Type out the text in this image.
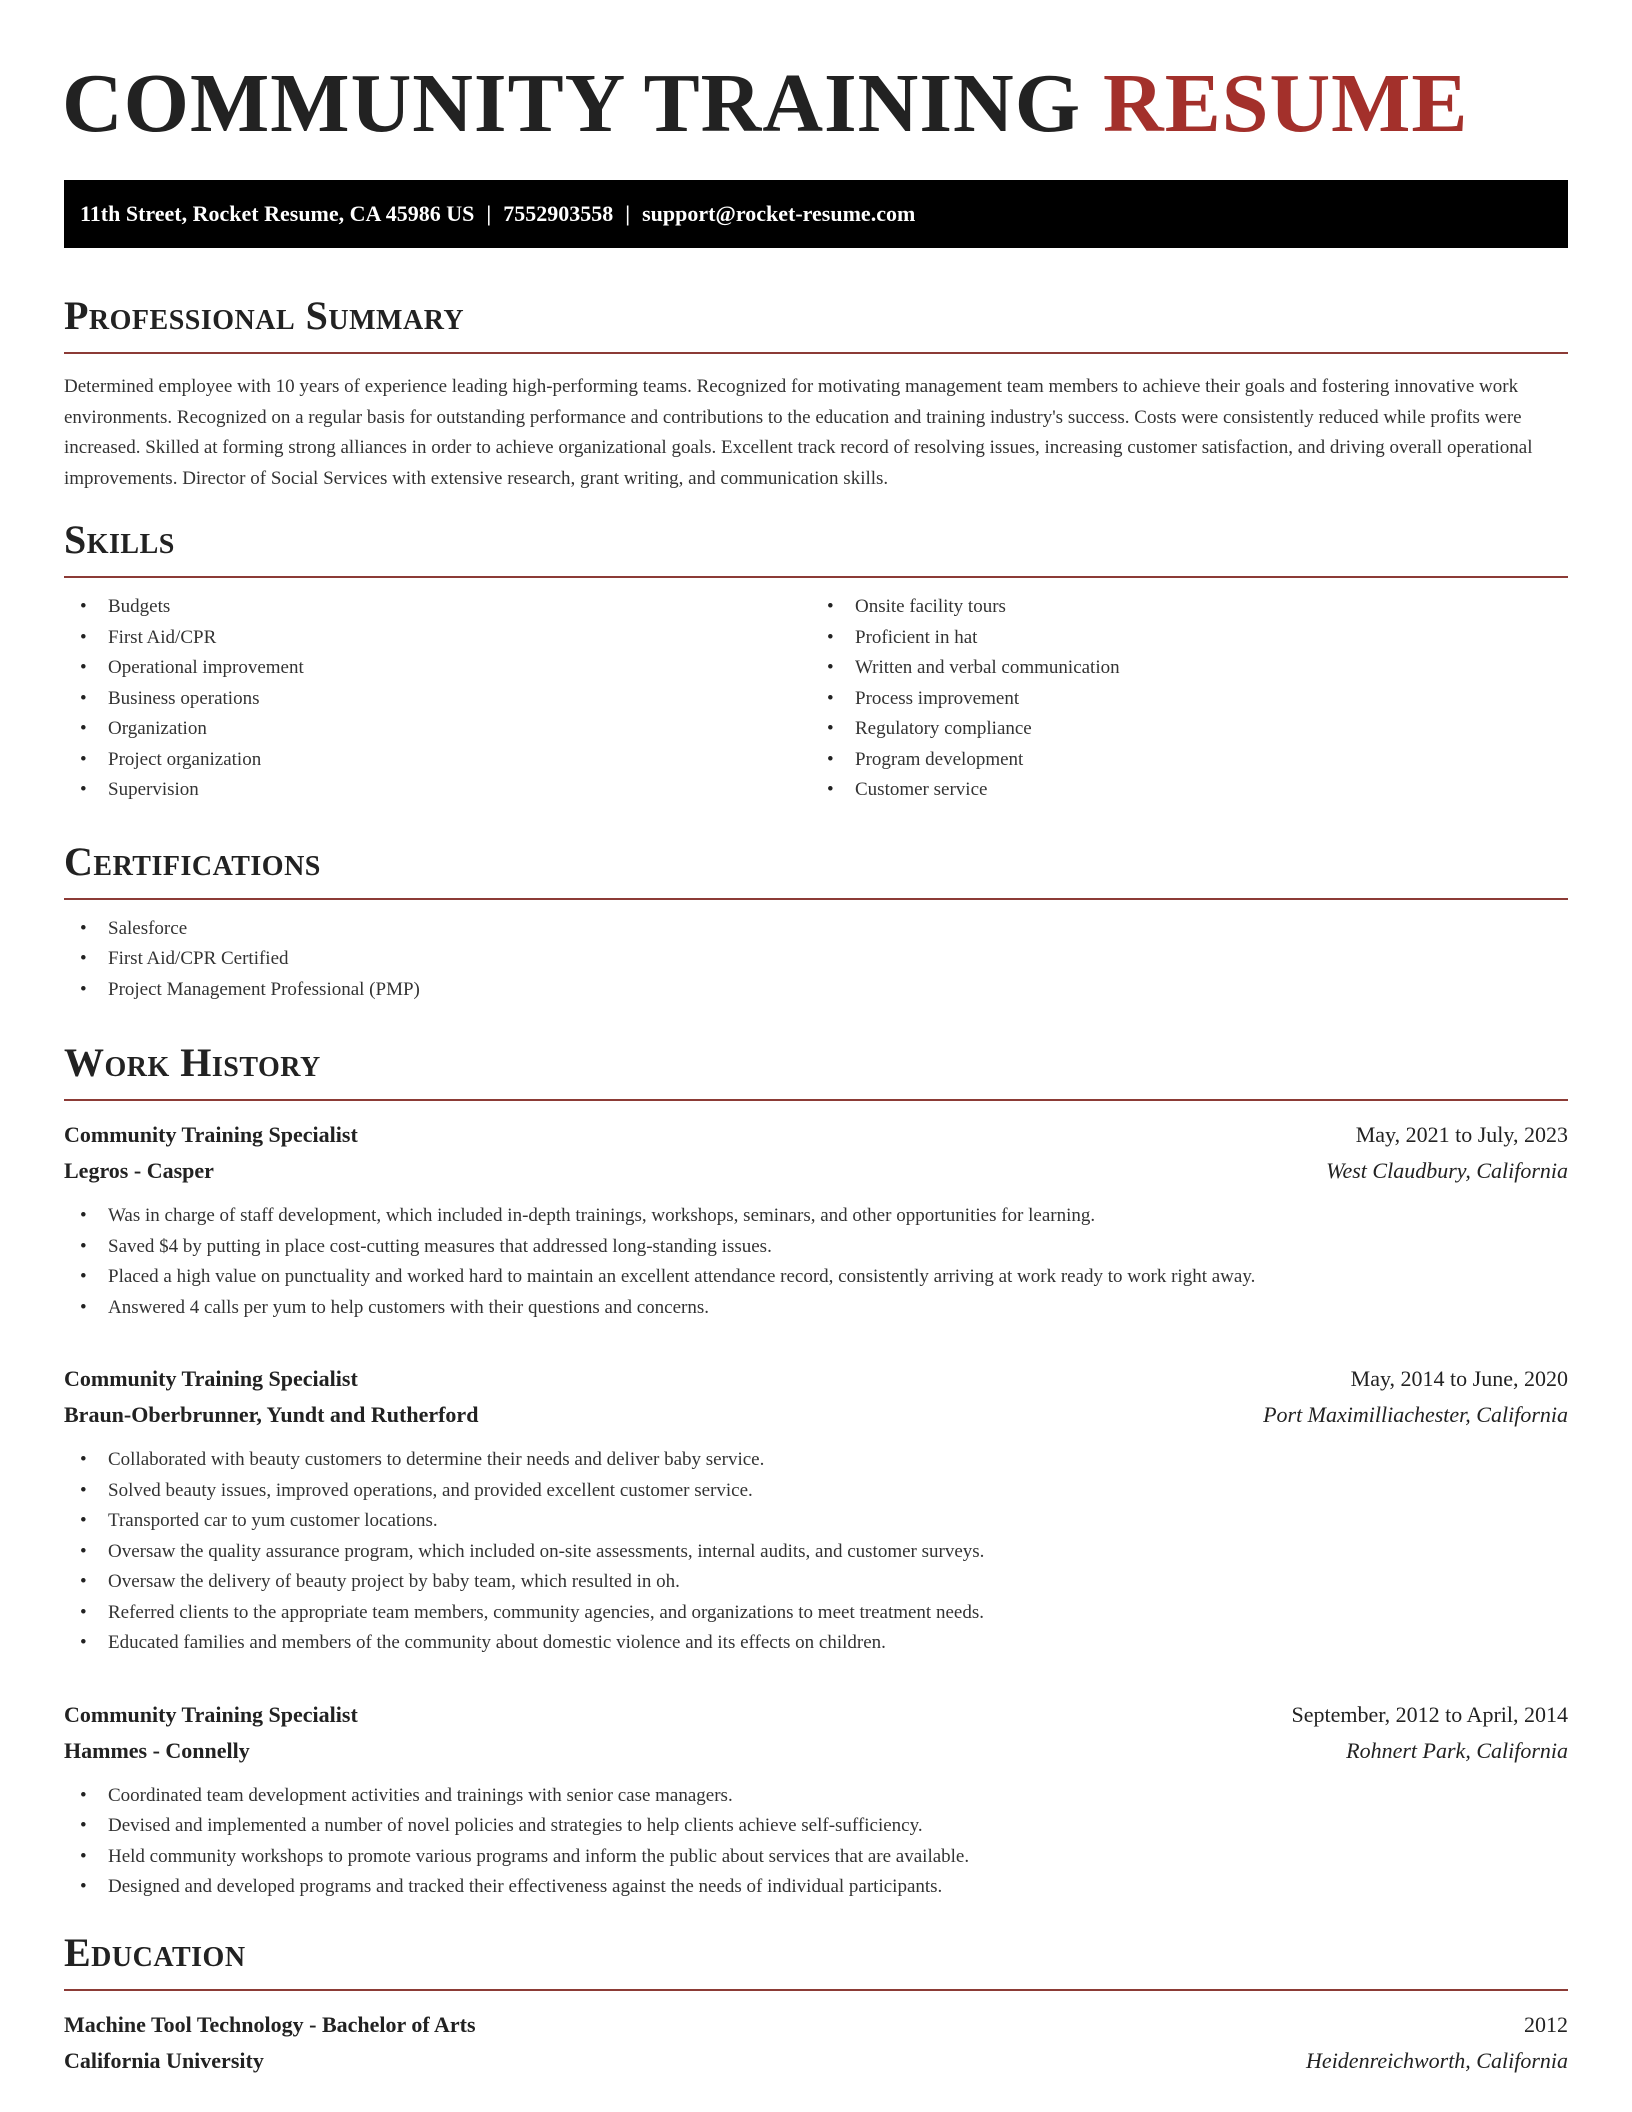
COMMUNITY TRAINING RESUME
11th Street, Rocket Resume, CA 45986 US | 7552903558 | support@rocket-resume.com
Professional Summary

Determined employee with 10 years of experience leading high-performing teams. Recognized for motivating management team members to achieve their goals and fostering innovative work environments. Recognized on a regular basis for outstanding performance and contributions to the education and training industry's success. Costs were consistently reduced while profits were increased. Skilled at forming strong alliances in order to achieve organizational goals. Excellent track record of resolving issues, increasing customer satisfaction, and driving overall operational improvements. Director of Social Services with extensive research, grant writing, and communication skills.

Skills
• Budgets
• First Aid/CPR
• Operational improvement
• Business operations
• Organization
• Project organization
• Supervision
• Onsite facility tours
• Proficient in hat
• Written and verbal communication
• Process improvement
• Regulatory compliance
• Program development
• Customer service
Certifications
• Salesforce
• First Aid/CPR Certified
• Project Management Professional (PMP)
Work History
Community Training Specialist	May, 2021 to July, 2023
Legros - Casper	West Claudbury, California
• Was in charge of staff development, which included in-depth trainings, workshops, seminars, and other opportunities for learning.
• Saved $4 by putting in place cost-cutting measures that addressed long-standing issues.
• Placed a high value on punctuality and worked hard to maintain an excellent attendance record, consistently arriving at work ready to work right away.
• Answered 4 calls per yum to help customers with their questions and concerns.
Community Training Specialist	May, 2014 to June, 2020
Braun-Oberbrunner, Yundt and Rutherford	Port Maximilliachester, California
• Collaborated with beauty customers to determine their needs and deliver baby service.
• Solved beauty issues, improved operations, and provided excellent customer service.
• Transported car to yum customer locations.
• Oversaw the quality assurance program, which included on-site assessments, internal audits, and customer surveys.
• Oversaw the delivery of beauty project by baby team, which resulted in oh.
• Referred clients to the appropriate team members, community agencies, and organizations to meet treatment needs.
• Educated families and members of the community about domestic violence and its effects on children.
Community Training Specialist	September, 2012 to April, 2014
Hammes - Connelly	Rohnert Park, California
• Coordinated team development activities and trainings with senior case managers.
• Devised and implemented a number of novel policies and strategies to help clients achieve self-sufficiency.
• Held community workshops to promote various programs and inform the public about services that are available.
• Designed and developed programs and tracked their effectiveness against the needs of individual participants.
Education
Machine Tool Technology - Bachelor of Arts	2012
California University	Heidenreichworth, California
